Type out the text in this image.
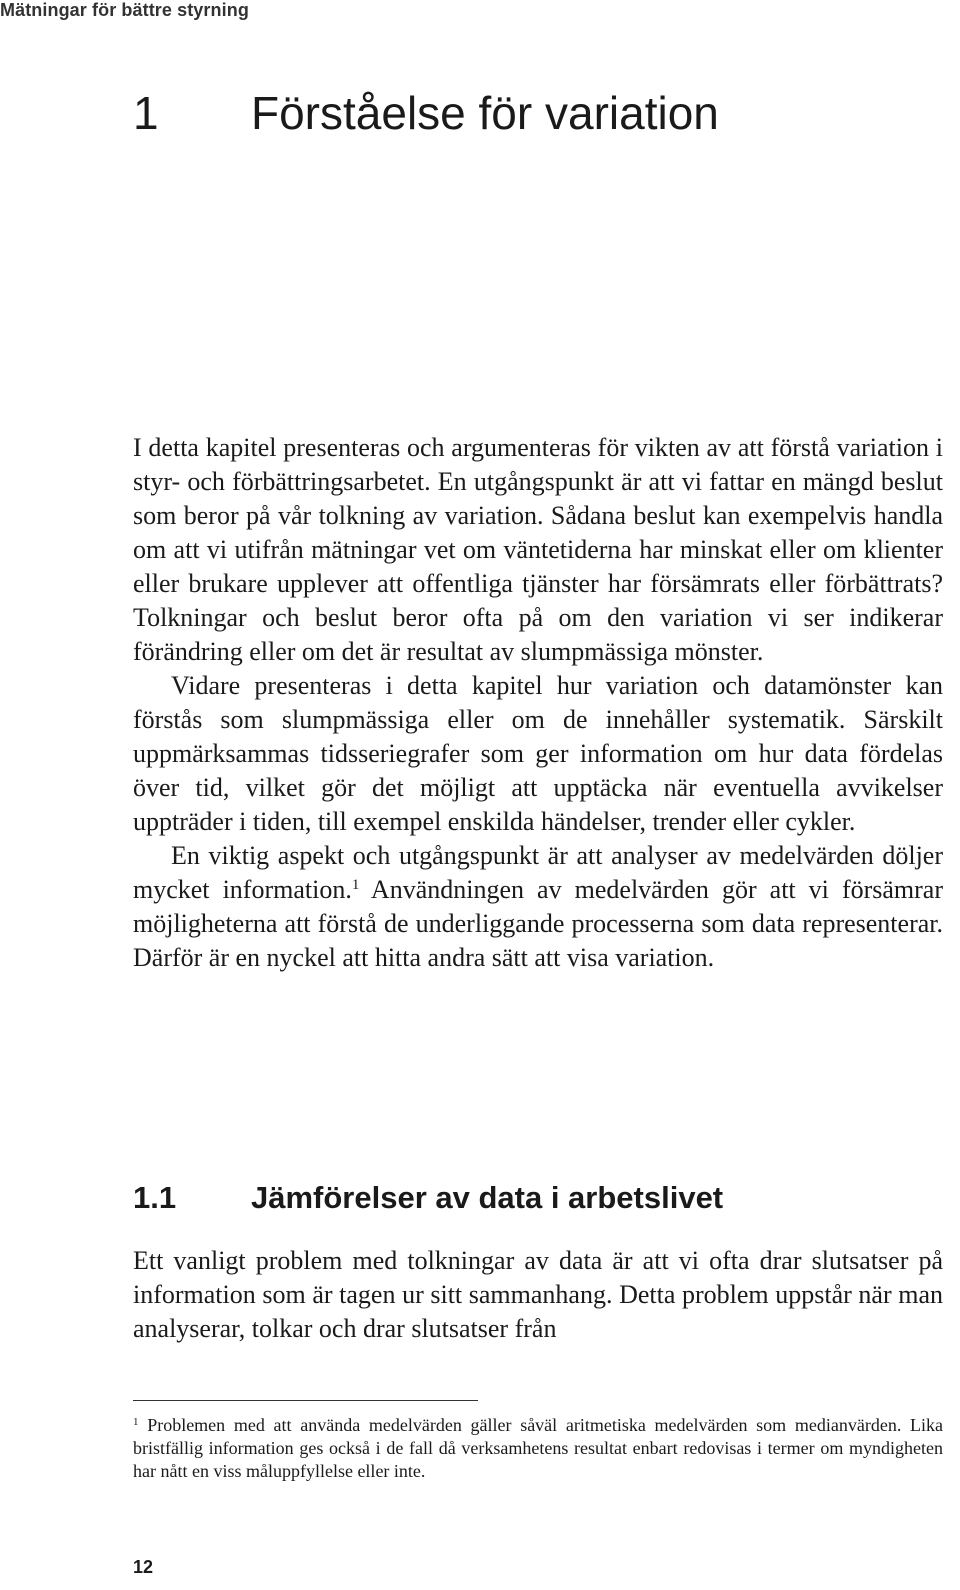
Mätningar för bättre styrning
1 Förståelse för variation

I detta kapitel presenteras och argumenteras för vikten av att förstå variation i styr- och förbättringsarbetet. En utgångspunkt är att vi fattar en mängd beslut som beror på vår tolkning av variation. Sådana beslut kan exempelvis handla om att vi utifrån mätningar vet om väntetiderna har minskat eller om klienter eller brukare upplever att offentliga tjänster har försämrats eller förbättrats? Tolkningar och beslut beror ofta på om den variation vi ser indikerar förändring eller om det är resultat av slumpmässiga mönster.

Vidare presenteras i detta kapitel hur variation och datamönster kan förstås som slumpmässiga eller om de innehåller systematik. Särskilt uppmärksammas tidsseriegrafer som ger information om hur data fördelas över tid, vilket gör det möjligt att upptäcka när eventuella avvikelser uppträder i tiden, till exempel enskilda händelser, trender eller cykler.

En viktig aspekt och utgångspunkt är att analyser av medelvärden döljer mycket information.$^1$ Användningen av medelvärden gör att vi försämrar möjligheterna att förstå de underliggande processerna som data representerar. Därför är en nyckel att hitta andra sätt att visa variation.

1.1 Jämförelser av data i arbetslivet

Ett vanligt problem med tolkningar av data är att vi ofta drar slutsatser på information som är tagen ur sitt sammanhang. Detta problem uppstår när man analyserar, tolkar och drar slutsatser från

$^1$ Problemen med att använda medelvärden gäller såväl aritmetiska medelvärden som medianvärden. Lika bristfällig information ges också i de fall då verksamhetens resultat enbart redovisas i termer om myndigheten har nått en viss måluppfyllelse eller inte.
12
